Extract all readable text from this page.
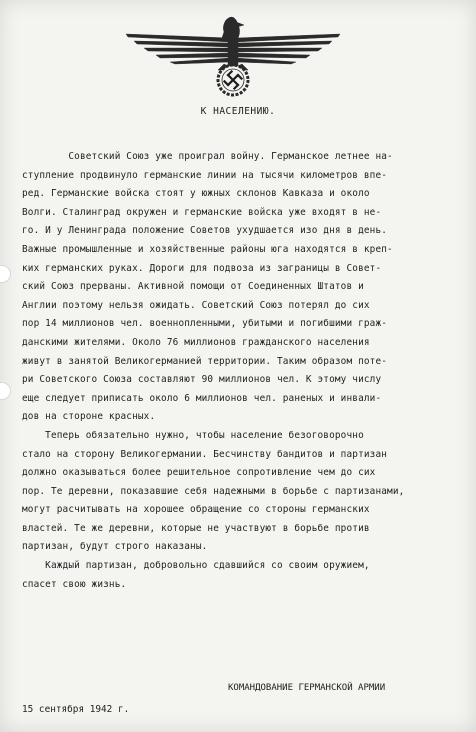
К НАСЕЛЕНИЮ.
Советский Союз уже проиграл войну. Германское летнее на-
ступление продвинуло германские линии на тысячи километров впе-
ред. Германские войска стоят у южных склонов Кавказа и около
Волги. Сталинград окружен и германские войска уже входят в не-
го. И у Ленинграда положение Советов ухудшается изо дня в день.
Важные промышленные и хозяйственные районы юга находятся в креп-
ких германских руках. Дороги для подвоза из заграницы в Совет-
ский Союз прерваны. Активной помощи от Соединенных Штатов и
Англии поэтому нельзя ожидать. Советский Союз потерял до сих
пор 14 миллионов чел. военнопленными, убитыми и погибшими граж-
данскими жителями. Около 76 миллионов гражданского населения
живут в занятой Великогерманией территории. Таким образом поте-
ри Советского Союза составляют 90 миллионов чел. К этому числу
еще следует приписать около 6 миллионов чел. раненых и инвали-
дов на стороне красных.
Теперь обязательно нужно, чтобы население безоговорочно
стало на сторону Великогермании. Бесчинству бандитов и партизан
должно оказываться более решительное сопротивление чем до сих
пор. Те деревни, показавшие себя надежными в борьбе с партизанами,
могут расчитывать на хорошее обращение со стороны германских
властей. Те же деревни, которые не участвуют в борьбе против
партизан, будут строго наказаны.
Каждый партизан, добровольно сдавшийся со своим оружием,
спасет свою жизнь.
КОМАНДОВАНИЕ ГЕРМАНСКОЙ АРМИИ
15 сентября 1942 г.
